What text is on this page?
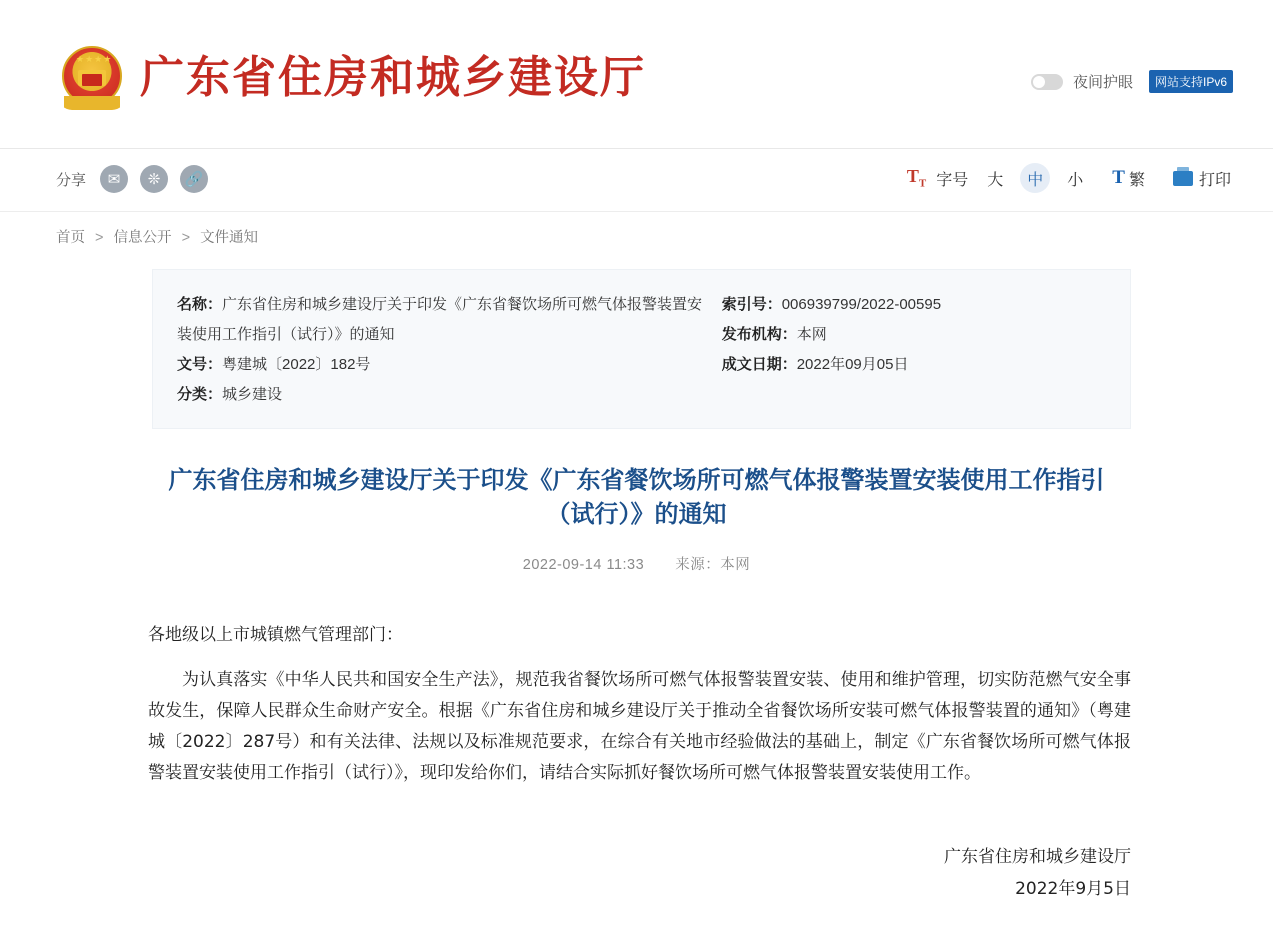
★★★★ 广东省住房和城乡建设厅	夜间护眼	网站支持IPv6
分享	✉	❊	🔗	$T_T$ 字号	大	中	小	T 繁	打印
首页 > 信息公开 > 文件通知
名称：广东省住房和城乡建设厅关于印发《广东省餐饮场所可燃气体报警装置安装使用工作指引（试行）》的通知
文号：粤建城〔2022〕182号
分类：城乡建设
索引号：006939799/2022-00595
发布机构：本网
成文日期：2022年09月05日
广东省住房和城乡建设厅关于印发《广东省餐饮场所可燃气体报警装置安装使用工作指引（试行）》的通知
2022-09-14 11:33 来源：本网

各地级以上市城镇燃气管理部门：

为认真落实《中华人民共和国安全生产法》，规范我省餐饮场所可燃气体报警装置安装、使用和维护管理，切实防范燃气安全事故发生，保障人民群众生命财产安全。根据《广东省住房和城乡建设厅关于推动全省餐饮场所安装可燃气体报警装置的通知》（粤建城〔2022〕287号）和有关法律、法规以及标准规范要求，在综合有关地市经验做法的基础上，制定《广东省餐饮场所可燃气体报警装置安装使用工作指引（试行）》，现印发给你们，请结合实际抓好餐饮场所可燃气体报警装置安装使用工作。

广东省住房和城乡建设厅
2022年9月5日
